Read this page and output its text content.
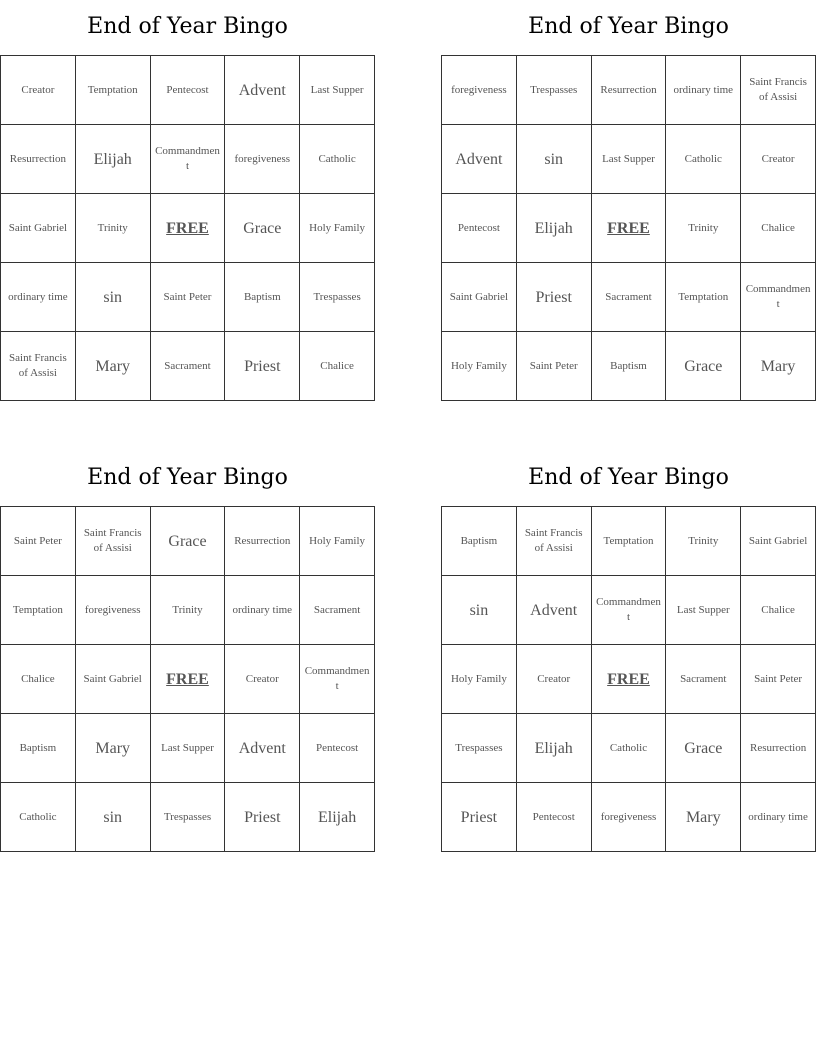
End of Year Bingo
Creator	Temptation	Pentecost	Advent	Last Supper
Resurrection	Elijah	Commandment	foregiveness	Catholic
Saint Gabriel	Trinity	FREE	Grace	Holy Family
ordinary time	sin	Saint Peter	Baptism	Trespasses
Saint Francis of Assisi	Mary	Sacrament	Priest	Chalice
End of Year Bingo
foregiveness	Trespasses	Resurrection	ordinary time	Saint Francis of Assisi
Advent	sin	Last Supper	Catholic	Creator
Pentecost	Elijah	FREE	Trinity	Chalice
Saint Gabriel	Priest	Sacrament	Temptation	Commandment
Holy Family	Saint Peter	Baptism	Grace	Mary
End of Year Bingo
Saint Peter	Saint Francis of Assisi	Grace	Resurrection	Holy Family
Temptation	foregiveness	Trinity	ordinary time	Sacrament
Chalice	Saint Gabriel	FREE	Creator	Commandment
Baptism	Mary	Last Supper	Advent	Pentecost
Catholic	sin	Trespasses	Priest	Elijah
End of Year Bingo
Baptism	Saint Francis of Assisi	Temptation	Trinity	Saint Gabriel
sin	Advent	Commandment	Last Supper	Chalice
Holy Family	Creator	FREE	Sacrament	Saint Peter
Trespasses	Elijah	Catholic	Grace	Resurrection
Priest	Pentecost	foregiveness	Mary	ordinary time
